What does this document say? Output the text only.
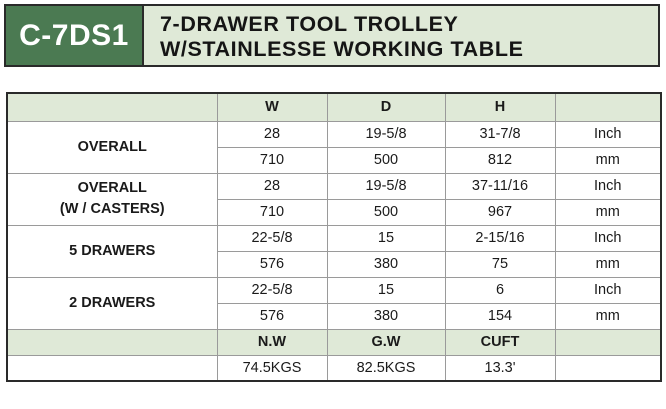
C-7DS1	7-DRAWER TOOL TROLLEY
W/STAINLESSE WORKING TABLE
	W	D	H	

OVERALL	28	19-5/8	31-7/8	Inch
	710	500	812	mm

OVERALL
(W / CASTERS)	28	19-5/8	37-11/16	Inch
	710	500	967	mm

5 DRAWERS	22-5/8	15	2-15/16	Inch
	576	380	75	mm

2 DRAWERS	22-5/8	15	6	Inch
	576	380	154	mm
	N.W	G.W	CUFT	
	74.5KGS	82.5KGS	13.3'	
